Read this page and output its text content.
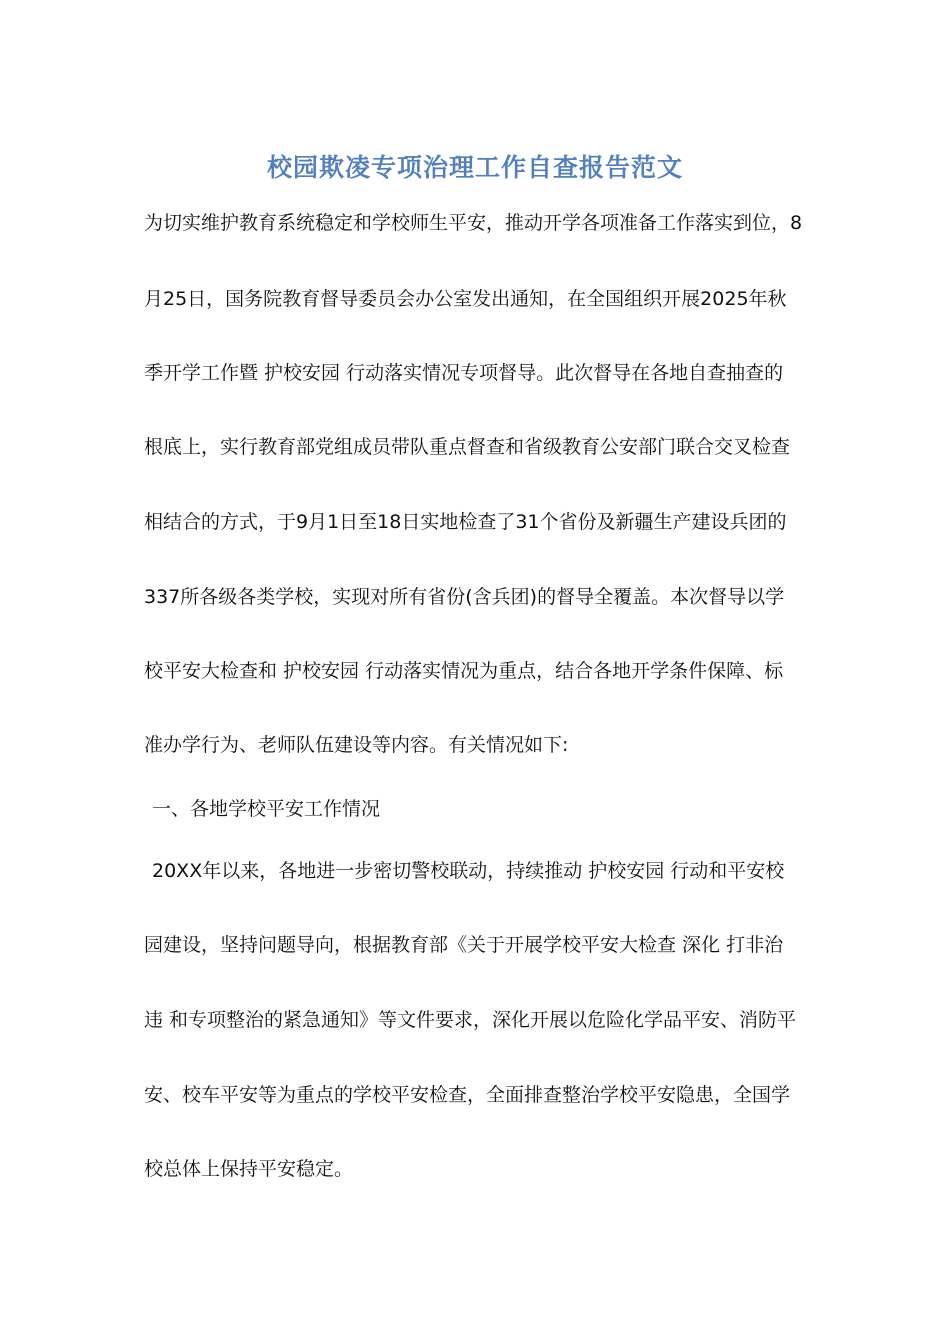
校园欺凌专项治理工作自查报告范文
为切实维护教育系统稳定和学校师生平安，推动开学各项准备工作落实到位，8
月25日，国务院教育督导委员会办公室发出通知，在全国组织开展2025年秋
季开学工作暨 护校安园 行动落实情况专项督导。此次督导在各地自查抽查的
根底上，实行教育部党组成员带队重点督查和省级教育公安部门联合交叉检查
相结合的方式，于9月1日至18日实地检查了31个省份及新疆生产建设兵团的
337所各级各类学校，实现对所有省份(含兵团)的督导全覆盖。本次督导以学
校平安大检查和 护校安园 行动落实情况为重点，结合各地开学条件保障、标
准办学行为、老师队伍建设等内容。有关情况如下:
一、各地学校平安工作情况
20XX年以来，各地进一步密切警校联动，持续推动 护校安园 行动和平安校
园建设，坚持问题导向，根据教育部《关于开展学校平安大检查 深化 打非治
违 和专项整治的紧急通知》等文件要求，深化开展以危险化学品平安、消防平
安、校车平安等为重点的学校平安检查，全面排查整治学校平安隐患，全国学
校总体上保持平安稳定。
